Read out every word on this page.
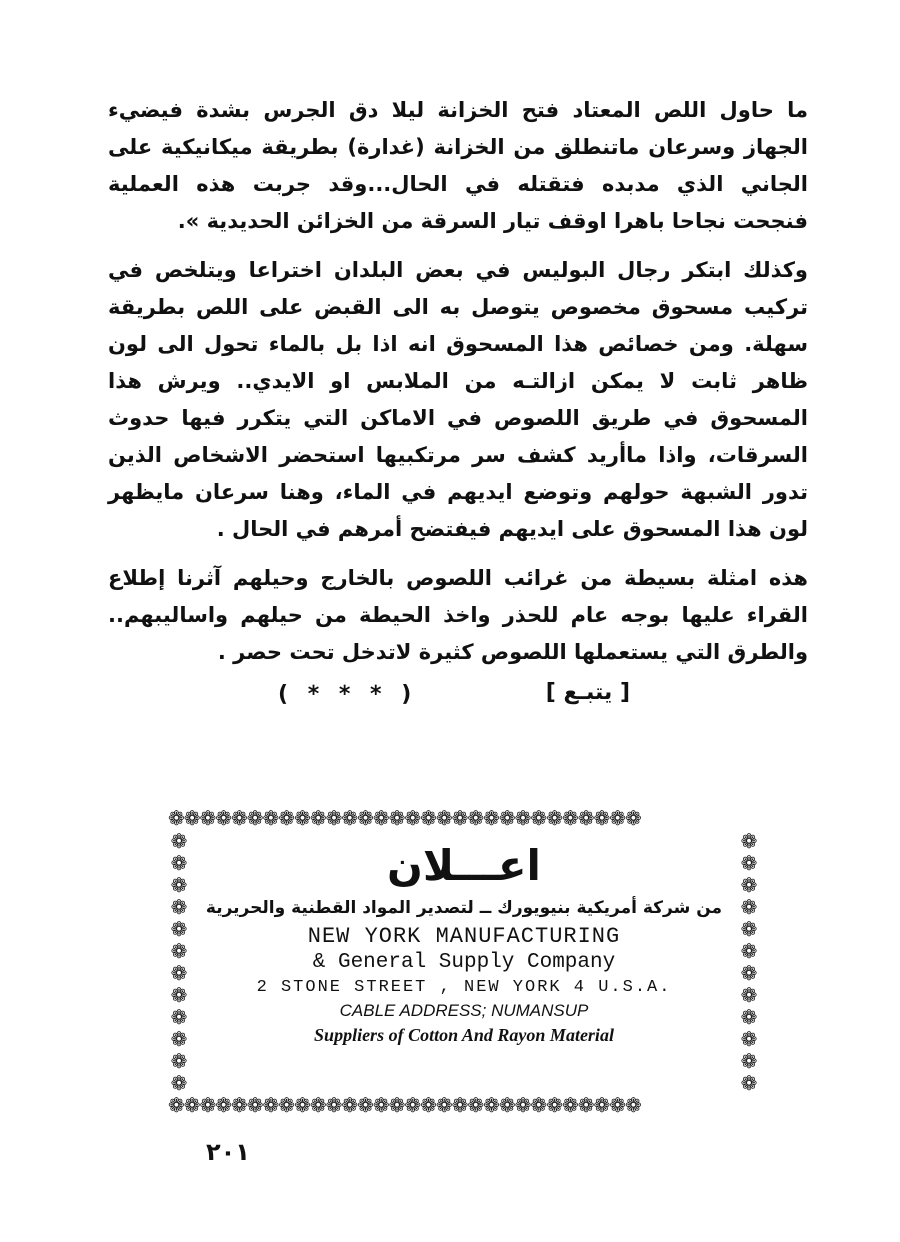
ما حاول اللص المعتاد فتح الخزانة ليلا دق الجرس بشدة فيضيء الجهاز وسرعان ماتنطلق من الخزانة (غدارة) بطريقة ميكانيكية على الجاني الذي مدبده فتقتله في الحال...وقد جربت هذه العملية فنجحت نجاحا باهرا اوقف تيار السرقة من الخزائن الحديدية ».

وكذلك ابتكر رجال البوليس في بعض البلدان اختراعا ويتلخص في تركيب مسحوق مخصوص يتوصل به الى القبض على اللص بطريقة سهلة. ومن خصائص هذا المسحوق انه اذا بل بالماء تحول الى لون ظاهر ثابت لا يمكن ازالتـه من الملابس او الايدي.. ويرش هذا المسحوق في طريق اللصوص في الاماكن التي يتكرر فيها حدوث السرقات، واذا ماأريد كشف سر مرتكبيها استحضر الاشخاص الذين تدور الشبهة حولهم وتوضع ايديهم في الماء، وهنا سرعان مايظهر لون هذا المسحوق على ايديهم فيفتضح أمرهم في الحال .

هذه امثلة بسيطة من غرائب اللصوص بالخارج وحيلهم آثرنا إطلاع القراء عليها بوجه عام للحذر واخذ الحيطة من حيلهم واساليبهم.. والطرق التي يستعملها اللصوص كثيرة لاتدخل تحت حصر .

( * * * )	[ يتبـع ]
❁❁❁❁❁❁❁❁❁❁❁❁❁❁❁❁❁❁❁❁❁❁❁❁❁❁❁❁❁❁
❁❁❁❁❁❁❁❁❁❁❁❁❁❁❁❁❁❁❁❁❁❁❁❁❁❁❁❁❁❁
❁
❁
❁
❁
❁
❁
❁
❁
❁
❁
❁
❁
❁
❁
❁
❁
❁
❁
❁
❁
❁
❁
❁
❁
اعـــلان
من شركة أمريكية بنيويورك ــ لتصدير المواد القطنية والحريرية
NEW YORK MANUFACTURING
& General Supply Company
2 STONE STREET , NEW YORK 4 U.S.A.
CABLE ADDRESS; NUMANSUP
Suppliers of Cotton And Rayon Material
٢٠١
